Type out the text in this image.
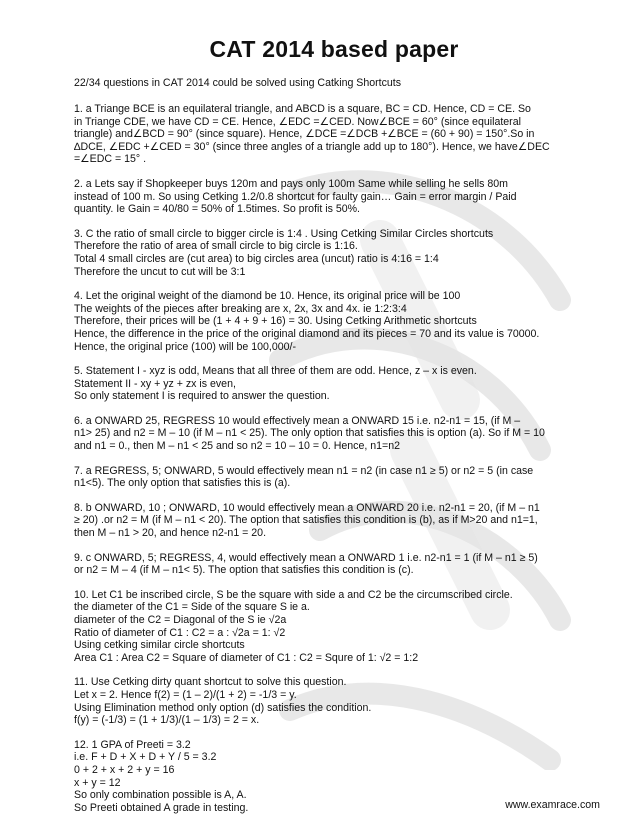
CAT 2014 based paper
22/34 questions in CAT 2014 could be solved using Catking Shortcuts
1. a Triange BCE is an equilateral triangle, and ABCD is a square, BC = CD. Hence, CD = CE. So
in Triange CDE, we have CD = CE. Hence, ∠EDC =∠CED. Now∠BCE = 60° (since equilateral
triangle) and∠BCD = 90° (since square). Hence, ∠DCE =∠DCB +∠BCE = (60 + 90) = 150°.So in
∆DCE, ∠EDC +∠CED = 30° (since three angles of a triangle add up to 180°). Hence, we have∠DEC
=∠EDC = 15° .
2. a Lets say if Shopkeeper buys 120m and pays only 100m Same while selling he sells 80m
instead of 100 m. So using Cetking 1.2/0.8 shortcut for faulty gain… Gain = error margin / Paid
quantity. Ie Gain = 40/80 = 50% of 1.5times. So profit is 50%.
3. C the ratio of small circle to bigger circle is 1:4 . Using Cetking Similar Circles shortcuts
Therefore the ratio of area of small circle to big circle is 1:16.
Total 4 small circles are (cut area) to big circles area (uncut) ratio is 4:16 = 1:4
Therefore the uncut to cut will be 3:1
4. Let the original weight of the diamond be 10. Hence, its original price will be 100
The weights of the pieces after breaking are x, 2x, 3x and 4x. ie 1:2:3:4
Therefore, their prices will be (1 + 4 + 9 + 16) = 30. Using Cetking Arithmetic shortcuts
Hence, the difference in the price of the original diamond and its pieces = 70 and its value is 70000.
Hence, the original price (100) will be 100,000/-
5. Statement I - xyz is odd, Means that all three of them are odd. Hence, z – x is even.
Statement II - xy + yz + zx is even,
So only statement I is required to answer the question.
6. a ONWARD 25, REGRESS 10 would effectively mean a ONWARD 15 i.e. n2-n1 = 15, (if M –
n1> 25) and n2 = M – 10 (if M – n1 < 25). The only option that satisfies this is option (a). So if M = 10
and n1 = 0., then M – n1 < 25 and so n2 = 10 – 10 = 0. Hence, n1=n2
7. a REGRESS, 5; ONWARD, 5 would effectively mean n1 = n2 (in case n1 ≥ 5) or n2 = 5 (in case
n1<5). The only option that satisfies this is (a).
8. b ONWARD, 10 ; ONWARD, 10 would effectively mean a ONWARD 20 i.e. n2-n1 = 20, (if M – n1
≥ 20) .or n2 = M (if M – n1 < 20). The option that satisfies this condition is (b), as if M>20 and n1=1,
then M – n1 > 20, and hence n2-n1 = 20.
9. c ONWARD, 5; REGRESS, 4, would effectively mean a ONWARD 1 i.e. n2-n1 = 1 (if M – n1 ≥ 5)
or n2 = M – 4 (if M – n1< 5). The option that satisfies this condition is (c).
10. Let C1 be inscribed circle, S be the square with side a and C2 be the circumscribed circle.
the diameter of the C1 = Side of the square S ie a.
diameter of the C2 = Diagonal of the S ie √2a
Ratio of diameter of C1 : C2 = a : √2a = 1: √2
Using cetking similar circle shortcuts
Area C1 : Area C2 = Square of diameter of C1 : C2 = Squre of 1: √2 = 1:2
11. Use Cetking dirty quant shortcut to solve this question.
Let x = 2. Hence f(2) = (1 – 2)/(1 + 2) = -1/3 = y.
Using Elimination method only option (d) satisfies the condition.
f(y) = (-1/3) = (1 + 1/3)/(1 – 1/3) = 2 = x.
12. 1 GPA of Preeti = 3.2
i.e. F + D + X + D + Y / 5 = 3.2
0 + 2 + x + 2 + y = 16
x + y = 12
So only combination possible is A, A.
So Preeti obtained A grade in testing.	www.examrace.com
